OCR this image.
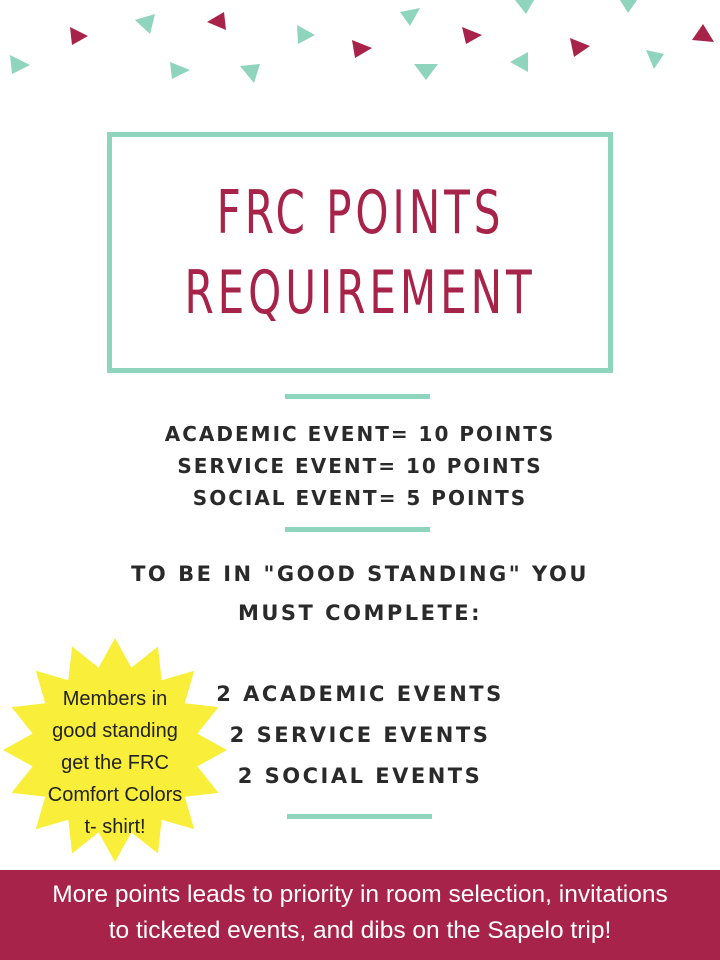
FRC POINTS
REQUIREMENT
ACADEMIC EVENT= 10 POINTS
SERVICE EVENT= 10 POINTS
SOCIAL EVENT= 5 POINTS
TO BE IN "GOOD STANDING" YOU
MUST COMPLETE:
Members in
good standing
get the FRC
Comfort Colors
t- shirt!
2 ACADEMIC EVENTS
2 SERVICE EVENTS
2 SOCIAL EVENTS
More points leads to priority in room selection, invitations
to ticketed events, and dibs on the Sapelo trip!
